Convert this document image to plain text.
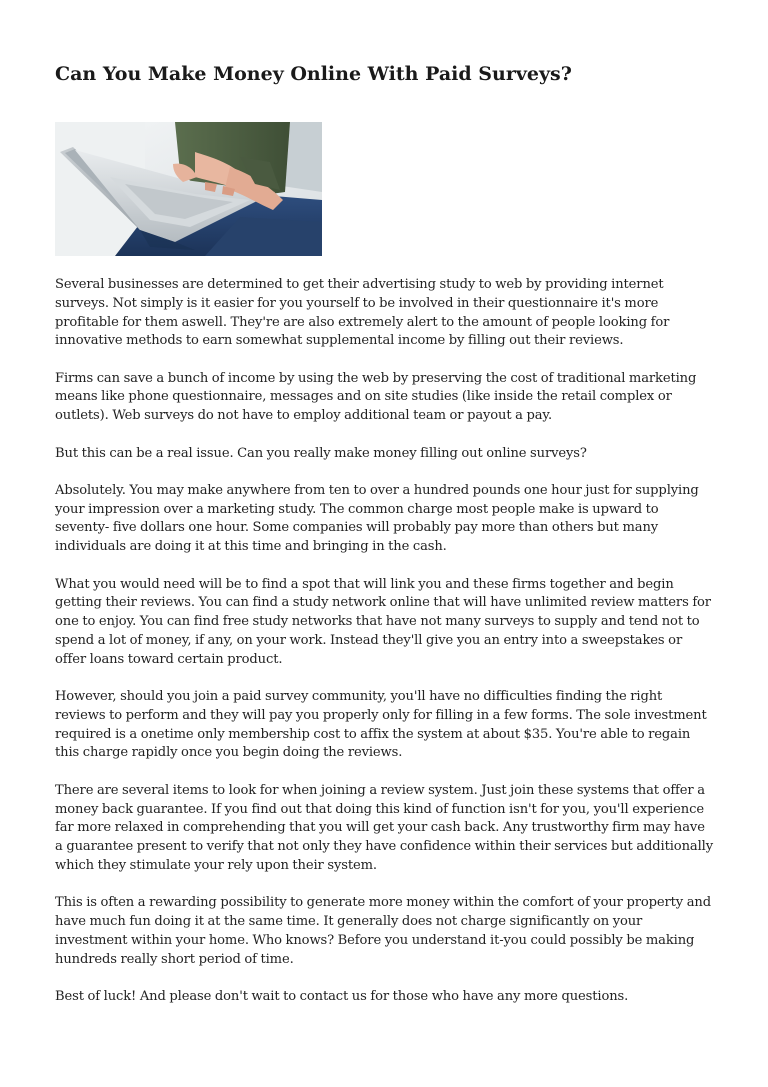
Can You Make Money Online With Paid Surveys?

Several businesses are determined to get their advertising study to web by providing internet surveys. Not simply is it easier for you yourself to be involved in their questionnaire it's more profitable for them aswell. They're are also extremely alert to the amount of people looking for innovative methods to earn somewhat supplemental income by filling out their reviews.

Firms can save a bunch of income by using the web by preserving the cost of traditional marketing means like phone questionnaire, messages and on site studies (like inside the retail complex or outlets). Web surveys do not have to employ additional team or payout a pay.

But this can be a real issue. Can you really make money filling out online surveys?

Absolutely. You may make anywhere from ten to over a hundred pounds one hour just for supplying your impression over a marketing study. The common charge most people make is upward to seventy- five dollars one hour. Some companies will probably pay more than others but many individuals are doing it at this time and bringing in the cash.

What you would need will be to find a spot that will link you and these firms together and begin getting their reviews. You can find a study network online that will have unlimited review matters for one to enjoy. You can find free study networks that have not many surveys to supply and tend not to spend a lot of money, if any, on your work. Instead they'll give you an entry into a sweepstakes or offer loans toward certain product.

However, should you join a paid survey community, you'll have no difficulties finding the right reviews to perform and they will pay you properly only for filling in a few forms. The sole investment required is a onetime only membership cost to affix the system at about $35. You're able to regain this charge rapidly once you begin doing the reviews.

There are several items to look for when joining a review system. Just join these systems that offer a money back guarantee. If you find out that doing this kind of function isn't for you, you'll experience far more relaxed in comprehending that you will get your cash back. Any trustworthy firm may have a guarantee present to verify that not only they have confidence within their services but additionally which they stimulate your rely upon their system.

This is often a rewarding possibility to generate more money within the comfort of your property and have much fun doing it at the same time. It generally does not charge significantly on your investment within your home. Who knows? Before you understand it-you could possibly be making hundreds really short period of time.

Best of luck! And please don't wait to contact us for those who have any more questions.
